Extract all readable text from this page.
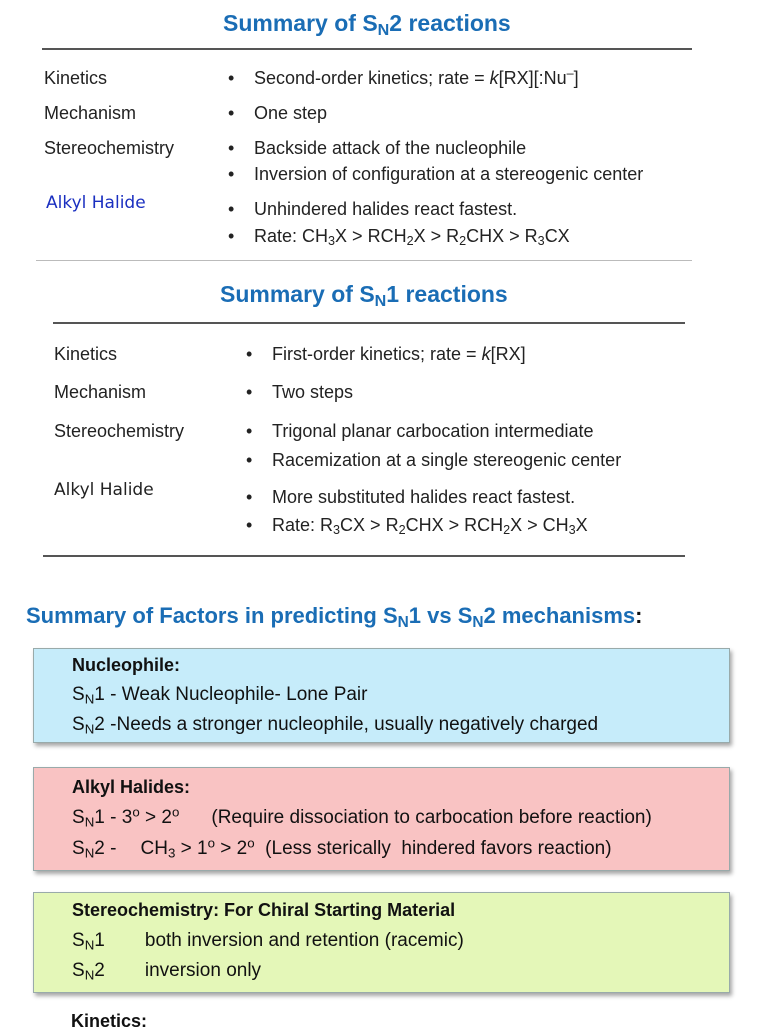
Summary of $S_N2$ reactions
Kinetics
Mechanism
Stereochemistry
Alkyl Halide
• Second-order kinetics; rate = k[RX][:Nu–]
• One step
• Backside attack of the nucleophile
• Inversion of configuration at a stereogenic center
• Unhindered halides react fastest.
• Rate: $CH_3X > RCH_2X > R_2CHX > R_3CX$
Summary of $S_N1$ reactions
Kinetics
Mechanism
Stereochemistry
Alkyl Halide
• First-order kinetics; rate = k[RX]
• Two steps
• Trigonal planar carbocation intermediate
• Racemization at a single stereogenic center
• More substituted halides react fastest.
• Rate: $R_3CX > R_2CHX > RCH_2X > CH_3X$
Summary of Factors in predicting $S_N1$ vs $S_N2$ mechanisms:
Nucleophile:
$S_N1$ - Weak Nucleophile- Lone Pair
$S_N2$ -Needs a stronger nucleophile, usually negatively charged
Alkyl Halides:
$S_N1 - 3^o > 2^o$ (Require dissociation to carbocation before reaction)
$S_N2 - CH_3 > 1^o > 2^o$  (Less sterically  hindered favors reaction)
Stereochemistry: For Chiral Starting Material
$S_N1$ both inversion and retention (racemic)
$S_N2$ inversion only
Kinetics:
